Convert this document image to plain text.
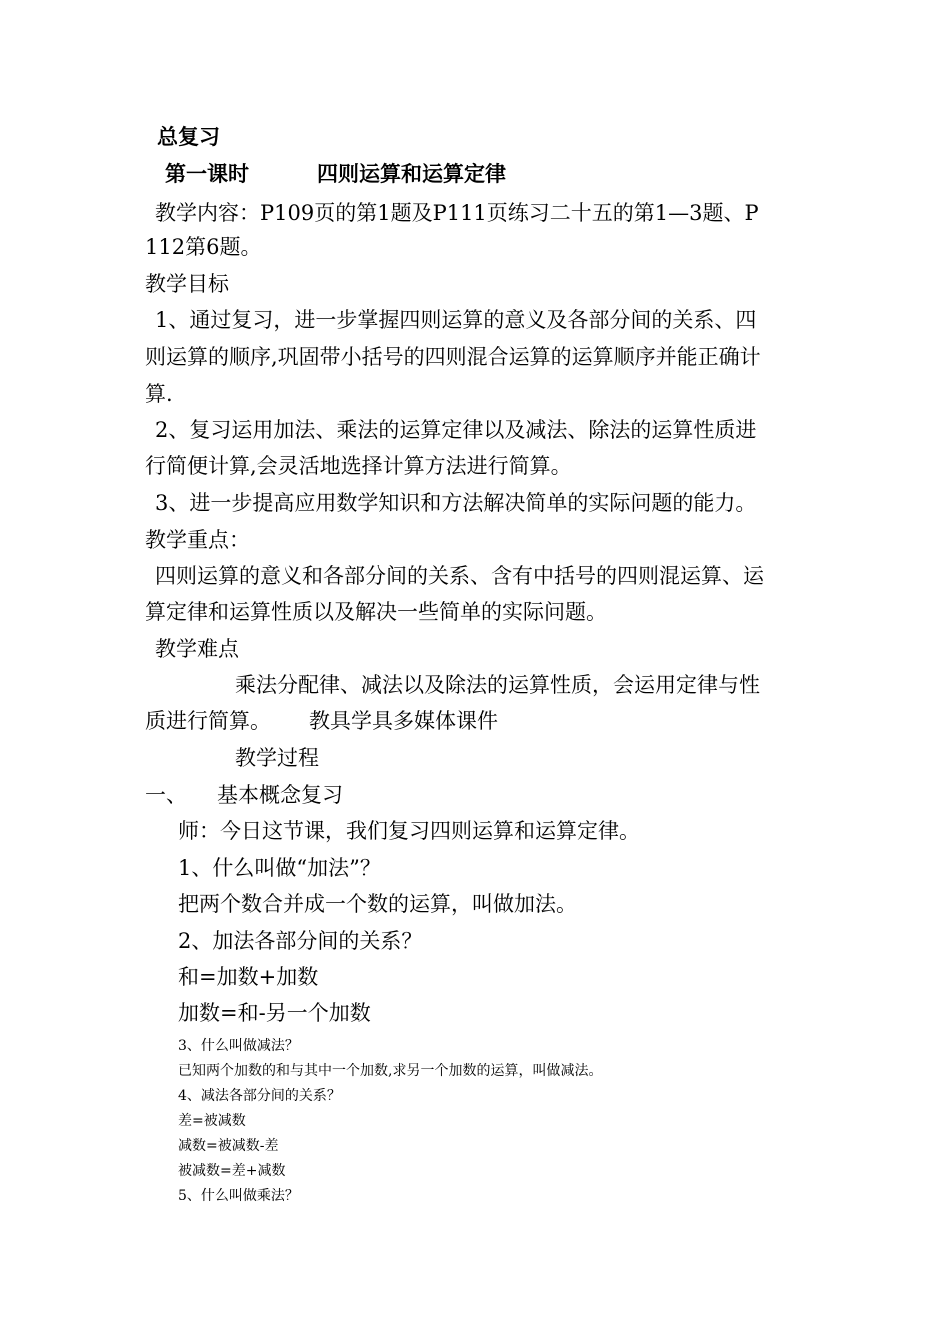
总复习
第一课时	四则运算和运算定律
教学内容：P109页的第1题及P111页练习二十五的第1—3题、P
112第6题。
教学目标
1、通过复习，进一步掌握四则运算的意义及各部分间的关系、四
则运算的顺序,巩固带小括号的四则混合运算的运算顺序并能正确计
算.
2、复习运用加法、乘法的运算定律以及减法、除法的运算性质进
行简便计算,会灵活地选择计算方法进行简算。
3、进一步提高应用数学知识和方法解决简单的实际问题的能力。
教学重点：
四则运算的意义和各部分间的关系、含有中括号的四则混运算、运
算定律和运算性质以及解决一些简单的实际问题。
教学难点
乘法分配律、减法以及除法的运算性质，会运用定律与性
质进行简算。 教具学具多媒体课件
教学过程
一、 基本概念复习
师：今日这节课，我们复习四则运算和运算定律。
1、什么叫做“加法”？
把两个数合并成一个数的运算，叫做加法。
2、加法各部分间的关系？
和=加数+加数
加数=和-另一个加数
3、什么叫做减法？
已知两个加数的和与其中一个加数,求另一个加数的运算，叫做减法。
4、减法各部分间的关系？
差=被减数
减数=被减数-差
被减数=差+减数
5、什么叫做乘法？
